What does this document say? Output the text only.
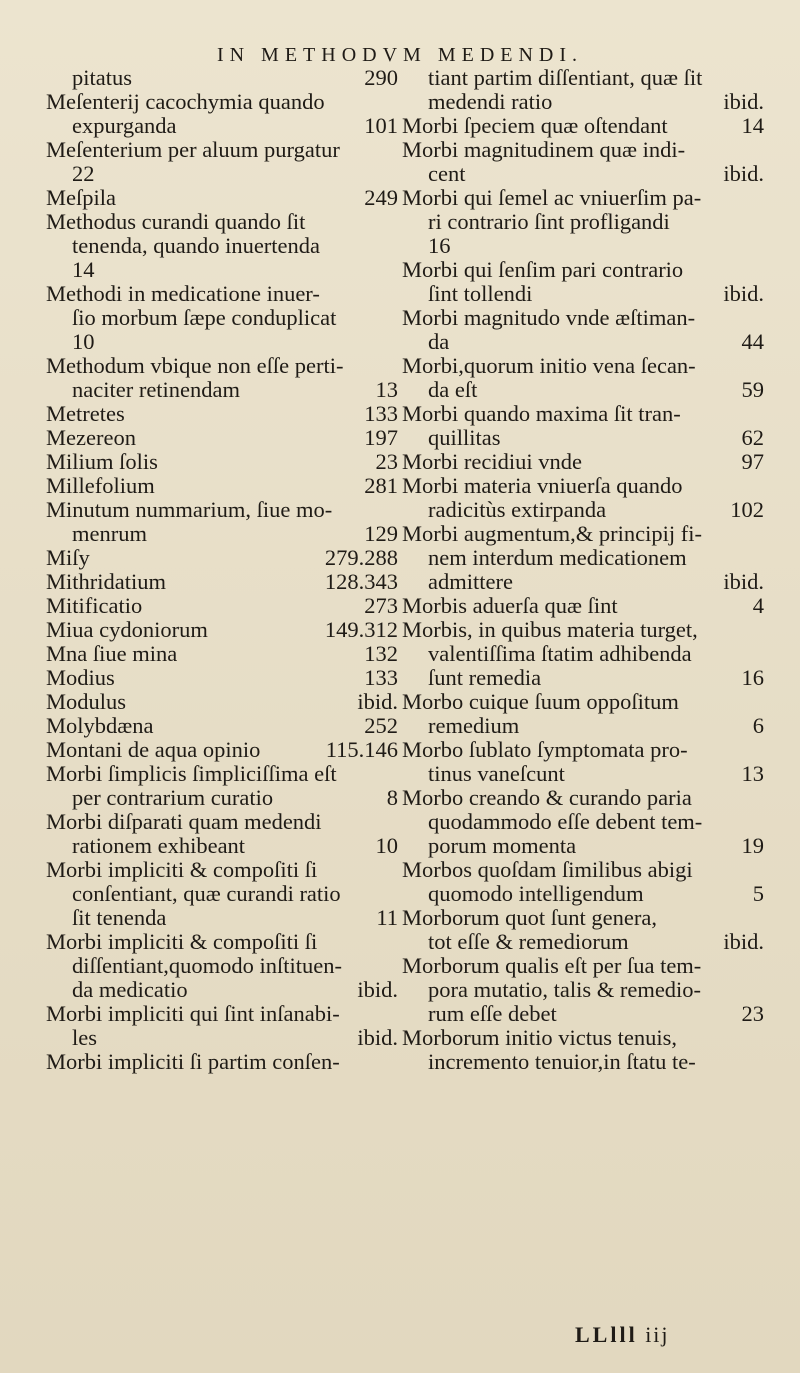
IN METHODVM MEDENDI.
pitatus	290
Meſenterij cacochymia quando
expurganda	101
Meſenterium per aluum purgatur
22
Meſpila	249
Methodus curandi quando ſit
tenenda, quando inuertenda
14
Methodi in medicatione inuer-
ſio morbum ſæpe conduplicat
10
Methodum vbique non eſſe perti-
naciter retinendam	13
Metretes	133
Mezereon	197
Milium ſolis	23
Millefolium	281
Minutum nummarium, ſiue mo-
menrum	129
Miſy	279.288
Mithridatium	128.343
Mitificatio	273
Miua cydoniorum	149.312
Mna ſiue mina	132
Modius	133
Modulus	ibid.
Molybdæna	252
Montani de aqua opinio	115.146
Morbi ſimplicis ſimpliciſſima eſt
per contrarium curatio	8
Morbi diſparati quam medendi
rationem exhibeant	10
Morbi impliciti & compoſiti ſi
conſentiant, quæ curandi ratio
ſit tenenda	11
Morbi impliciti & compoſiti ſi
diſſentiant,quomodo inſtituen-
da medicatio	ibid.
Morbi impliciti qui ſint inſanabi-
les	ibid.
Morbi impliciti ſi partim conſen-
tiant partim diſſentiant, quæ ſit
medendi ratio	ibid.
Morbi ſpeciem quæ oſtendant	14
Morbi magnitudinem quæ indi-
cent	ibid.
Morbi qui ſemel ac vniuerſim pa-
ri contrario ſint profligandi
16
Morbi qui ſenſim pari contrario
ſint tollendi	ibid.
Morbi magnitudo vnde æſtiman-
da	44
Morbi,quorum initio vena ſecan-
da eſt	59
Morbi quando maxima ſit tran-
quillitas	62
Morbi recidiui vnde	97
Morbi materia vniuerſa quando
radicitùs extirpanda	102
Morbi augmentum,& principij fi-
nem interdum medicationem
admittere	ibid.
Morbis aduerſa quæ ſint	4
Morbis, in quibus materia turget,
valentiſſima ſtatim adhibenda
ſunt remedia	16
Morbo cuique ſuum oppoſitum
remedium	6
Morbo ſublato ſymptomata pro-
tinus vaneſcunt	13
Morbo creando & curando paria
quodammodo eſſe debent tem-
porum momenta	19
Morbos quoſdam ſimilibus abigi
quomodo intelligendum	5
Morborum quot ſunt genera,
tot eſſe & remediorum	ibid.
Morborum qualis eſt per ſua tem-
pora mutatio, talis & remedio-
rum eſſe debet	23
Morborum initio victus tenuis,
incremento tenuior,in ſtatu te-
LLlll iij
